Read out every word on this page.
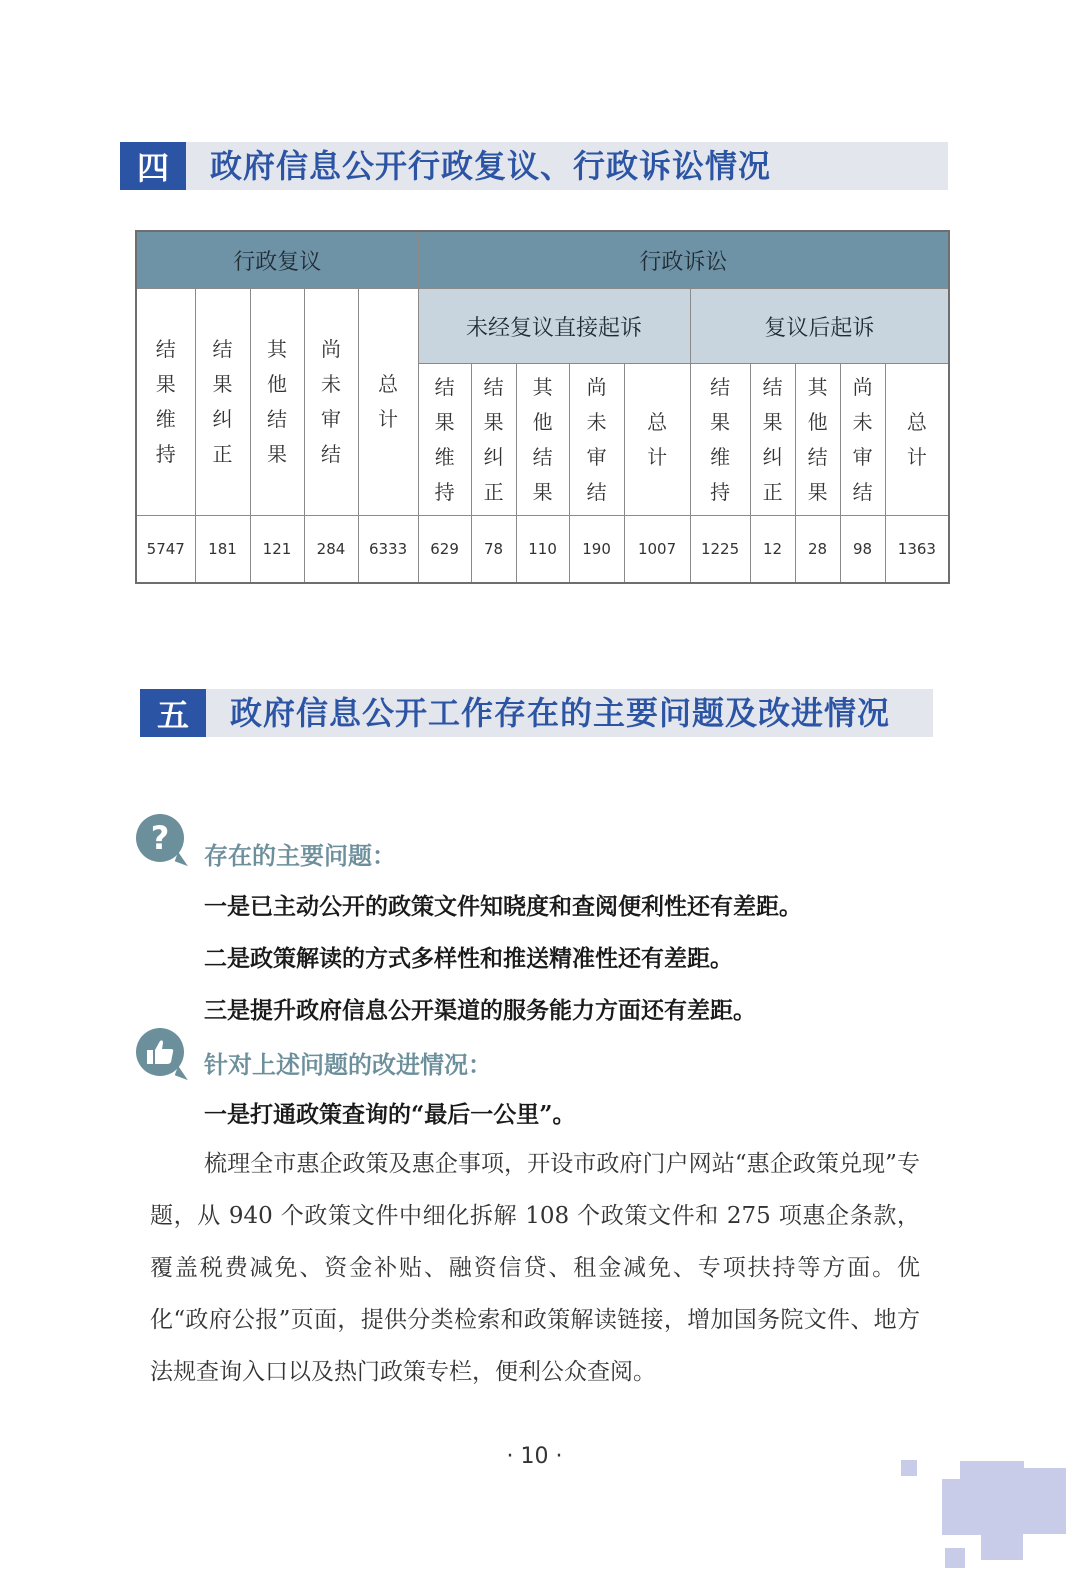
四	政府信息公开行政复议、行政诉讼情况
行政复议					行政诉讼									

结果维持	结果纠正	其他结果	尚未审结	总计	未经复议直接起诉					复议后起诉				

					结果维持	结果纠正	其他结果	尚未审结	总计	结果维持	结果纠正	其他结果	尚未审结	总计

5747	181	121	284	6333	629	78	110	190	1007	1225	12	28	98	1363
五	政府信息公开工作存在的主要问题及改进情况
?	存在的主要问题：
一是已主动公开的政策文件知晓度和查阅便利性还有差距。
二是政策解读的方式多样性和推送精准性还有差距。
三是提升政府信息公开渠道的服务能力方面还有差距。
针对上述问题的改进情况：
一是打通政策查询的“最后一公里”。
梳理全市惠企政策及惠企事项，开设市政府门户网站“惠企政策兑现”专题，从 940 个政策文件中细化拆解 108 个政策文件和 275 项惠企条款，覆盖税费减免、资金补贴、融资信贷、租金减免、专项扶持等方面。优化“政府公报”页面，提供分类检索和政策解读链接，增加国务院文件、地方法规查询入口以及热门政策专栏，便利公众查阅。
· 10 ·
